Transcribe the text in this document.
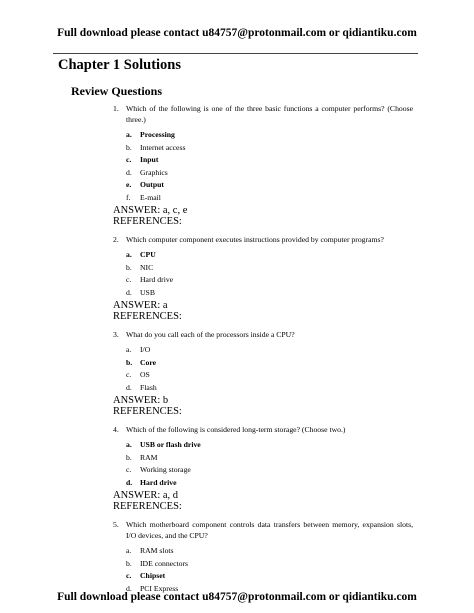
Full download please contact u84757@protonmail.com or qidiantiku.com
Chapter 1 Solutions
Review Questions
1. Which of the following is one of the three basic functions a computer performs? (Choose three.)
a.	Processing
b.	Internet access
c.	Input
d.	Graphics
e.	Output
f.	E-mail
ANSWER: a, c, e
REFERENCES:
2. Which computer component executes instructions provided by computer programs?
a.	CPU
b.	NIC
c.	Hard drive
d.	USB
ANSWER: a
REFERENCES:
3. What do you call each of the processors inside a CPU?
a.	I/O
b.	Core
c.	OS
d.	Flash
ANSWER: b
REFERENCES:
4. Which of the following is considered long-term storage? (Choose two.)
a.	USB or flash drive
b.	RAM
c.	Working storage
d.	Hard drive
ANSWER: a, d
REFERENCES:
5. Which motherboard component controls data transfers between memory, expansion slots, I/O devices, and the CPU?
a.	RAM slots
b.	IDE connectors
c.	Chipset
d.	PCI Express
Full download please contact u84757@protonmail.com or qidiantiku.com
